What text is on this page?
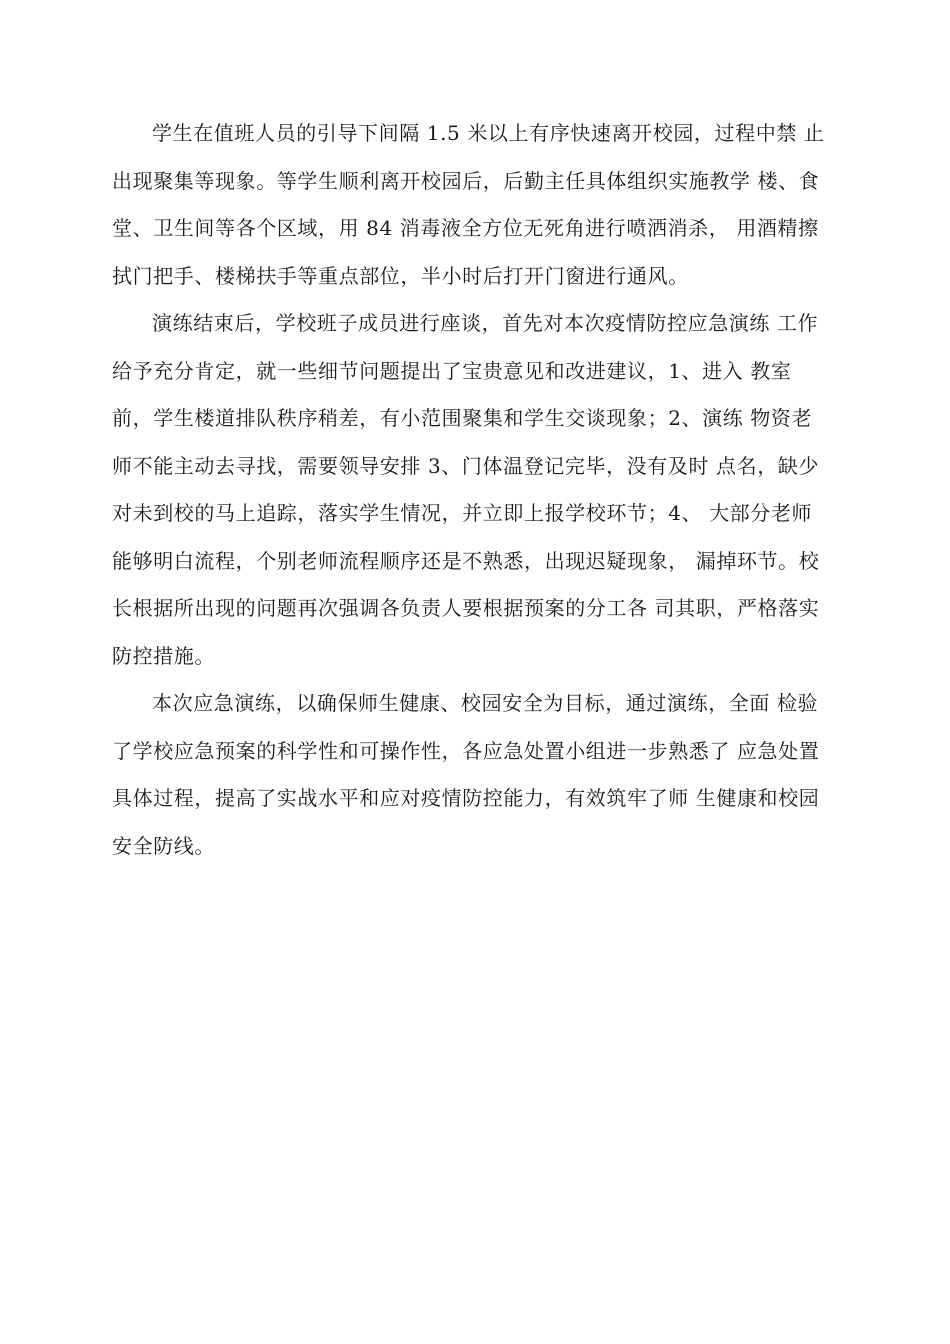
学生在值班人员的引导下间隔 1.5 米以上有序快速离开校园，过程中禁 止
出现聚集等现象。等学生顺利离开校园后，后勤主任具体组织实施教学 楼、食
堂、卫生间等各个区域，用 84 消毒液全方位无死角进行喷洒消杀， 用酒精擦
拭门把手、楼梯扶手等重点部位，半小时后打开门窗进行通风。
演练结束后，学校班子成员进行座谈，首先对本次疫情防控应急演练 工作
给予充分肯定，就一些细节问题提出了宝贵意见和改进建议，1、进入 教室
前，学生楼道排队秩序稍差，有小范围聚集和学生交谈现象；2、演练 物资老
师不能主动去寻找，需要领导安排 3、门体温登记完毕，没有及时 点名，缺少
对未到校的马上追踪，落实学生情况，并立即上报学校环节；4、 大部分老师
能够明白流程，个别老师流程顺序还是不熟悉，出现迟疑现象， 漏掉环节。校
长根据所出现的问题再次强调各负责人要根据预案的分工各 司其职，严格落实
防控措施。
本次应急演练，以确保师生健康、校园安全为目标，通过演练，全面 检验
了学校应急预案的科学性和可操作性，各应急处置小组进一步熟悉了 应急处置
具体过程，提高了实战水平和应对疫情防控能力，有效筑牢了师 生健康和校园
安全防线。
